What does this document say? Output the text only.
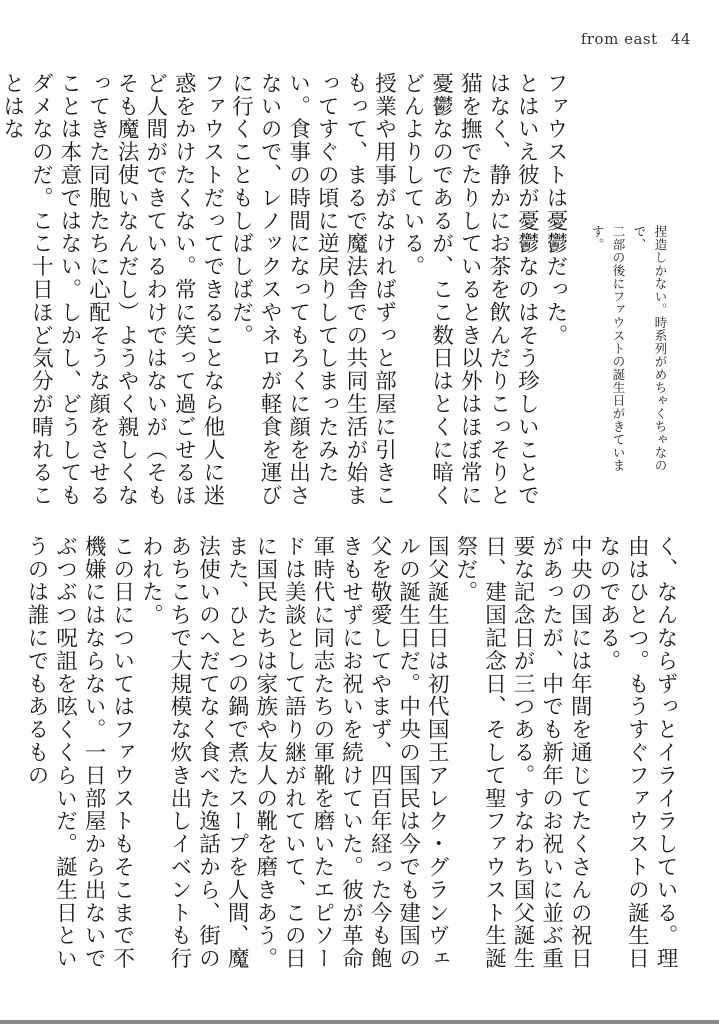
from east 44

捏造しかない。時系列がめちゃくちゃなので、

二部の後にファウストの誕生日がきています。

ファウストは憂鬱だった。

とはいえ彼が憂鬱なのはそう珍しいことではなく、静かにお茶を飲んだりこっそりと猫を撫でたりしているとき以外はほぼ常に憂鬱なのであるが、ここ数日はとくに暗くどんよりしている。

授業や用事がなければずっと部屋に引きこもって、まるで魔法舎での共同生活が始まってすぐの頃に逆戻りしてしまったみたい。食事の時間になってもろくに顔を出さないので、レノックスやネロが軽食を運びに行くこともしばしばだ。

ファウストだってできることなら他人に迷惑をかけたくない。常に笑って過ごせるほど人間ができているわけではないが（そもそも魔法使いなんだし）ようやく親しくなってきた同胞たちに心配そうな顔をさせることは本意ではない。しかし、どうしてもダメなのだ。ここ十日ほど気分が晴れることはな

く、なんならずっとイライラしている。理由はひとつ。もうすぐファウストの誕生日なのである。

中央の国には年間を通じてたくさんの祝日があったが、中でも新年のお祝いに並ぶ重要な記念日が三つある。すなわち国父誕生日、建国記念日、そして聖ファウスト生誕祭だ。

国父誕生日は初代国王アレク・グランヴェルの誕生日だ。中央の国民は今でも建国の父を敬愛してやまず、四百年経った今も飽きもせずにお祝いを続けていた。彼が革命軍時代に同志たちの軍靴を磨いたエピソードは美談として語り継がれていて、この日に国民たちは家族や友人の靴を磨きあう。また、ひとつの鍋で煮たスープを人間、魔法使いのへだてなく食べた逸話から、街のあちこちで大規模な炊き出しイベントも行われた。

この日についてはファウストもそこまで不機嫌にはならない。一日部屋から出ないでぶつぶつ呪詛を呟くくらいだ。誕生日というのは誰にでもあるもの
